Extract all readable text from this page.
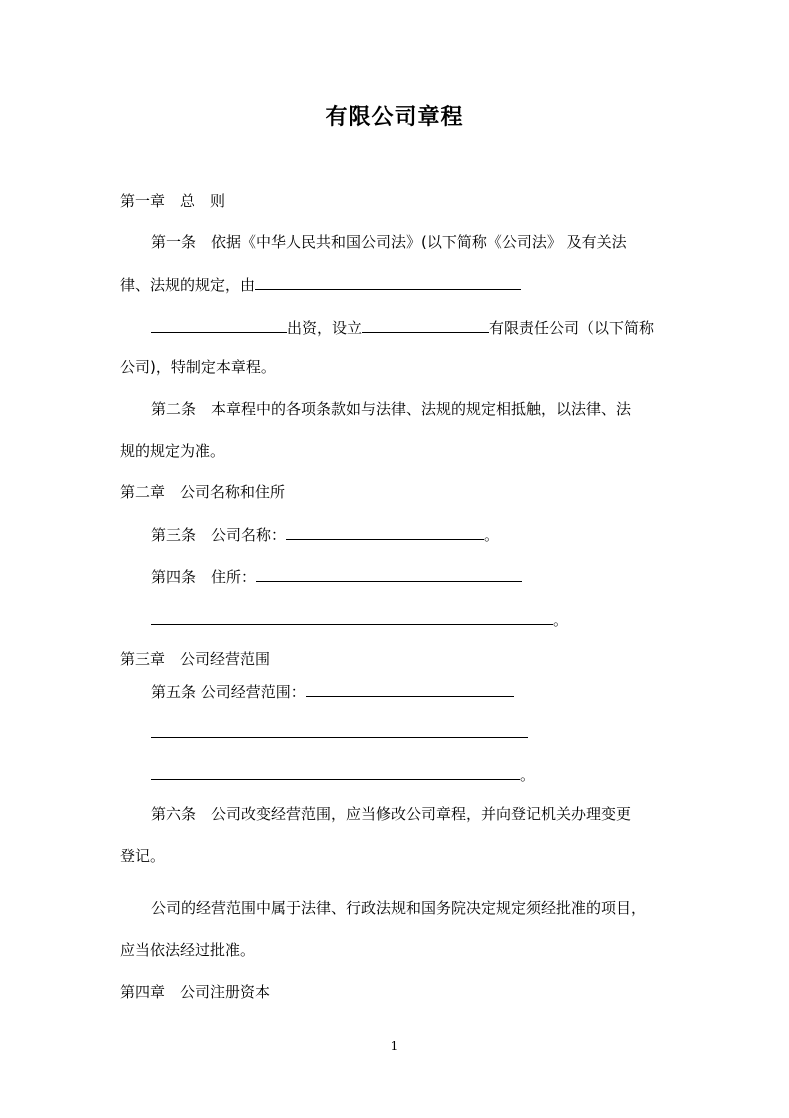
有限公司章程
第一章　总　则
第一条　依据《中华人民共和国公司法》(以下简称《公司法》 及有关法
律、法规的规定，由
出资，设立	有限责任公司（以下简称
公司)，特制定本章程。
第二条　本章程中的各项条款如与法律、法规的规定相抵触，以法律、法
规的规定为准。
第二章　公司名称和住所
第三条　公司名称：	。
第四条　住所：
。
第三章　公司经营范围
第五条 公司经营范围：
。
第六条　公司改变经营范围，应当修改公司章程，并向登记机关办理变更
登记。
公司的经营范围中属于法律、行政法规和国务院决定规定须经批准的项目，
应当依法经过批准。
第四章　公司注册资本
1
